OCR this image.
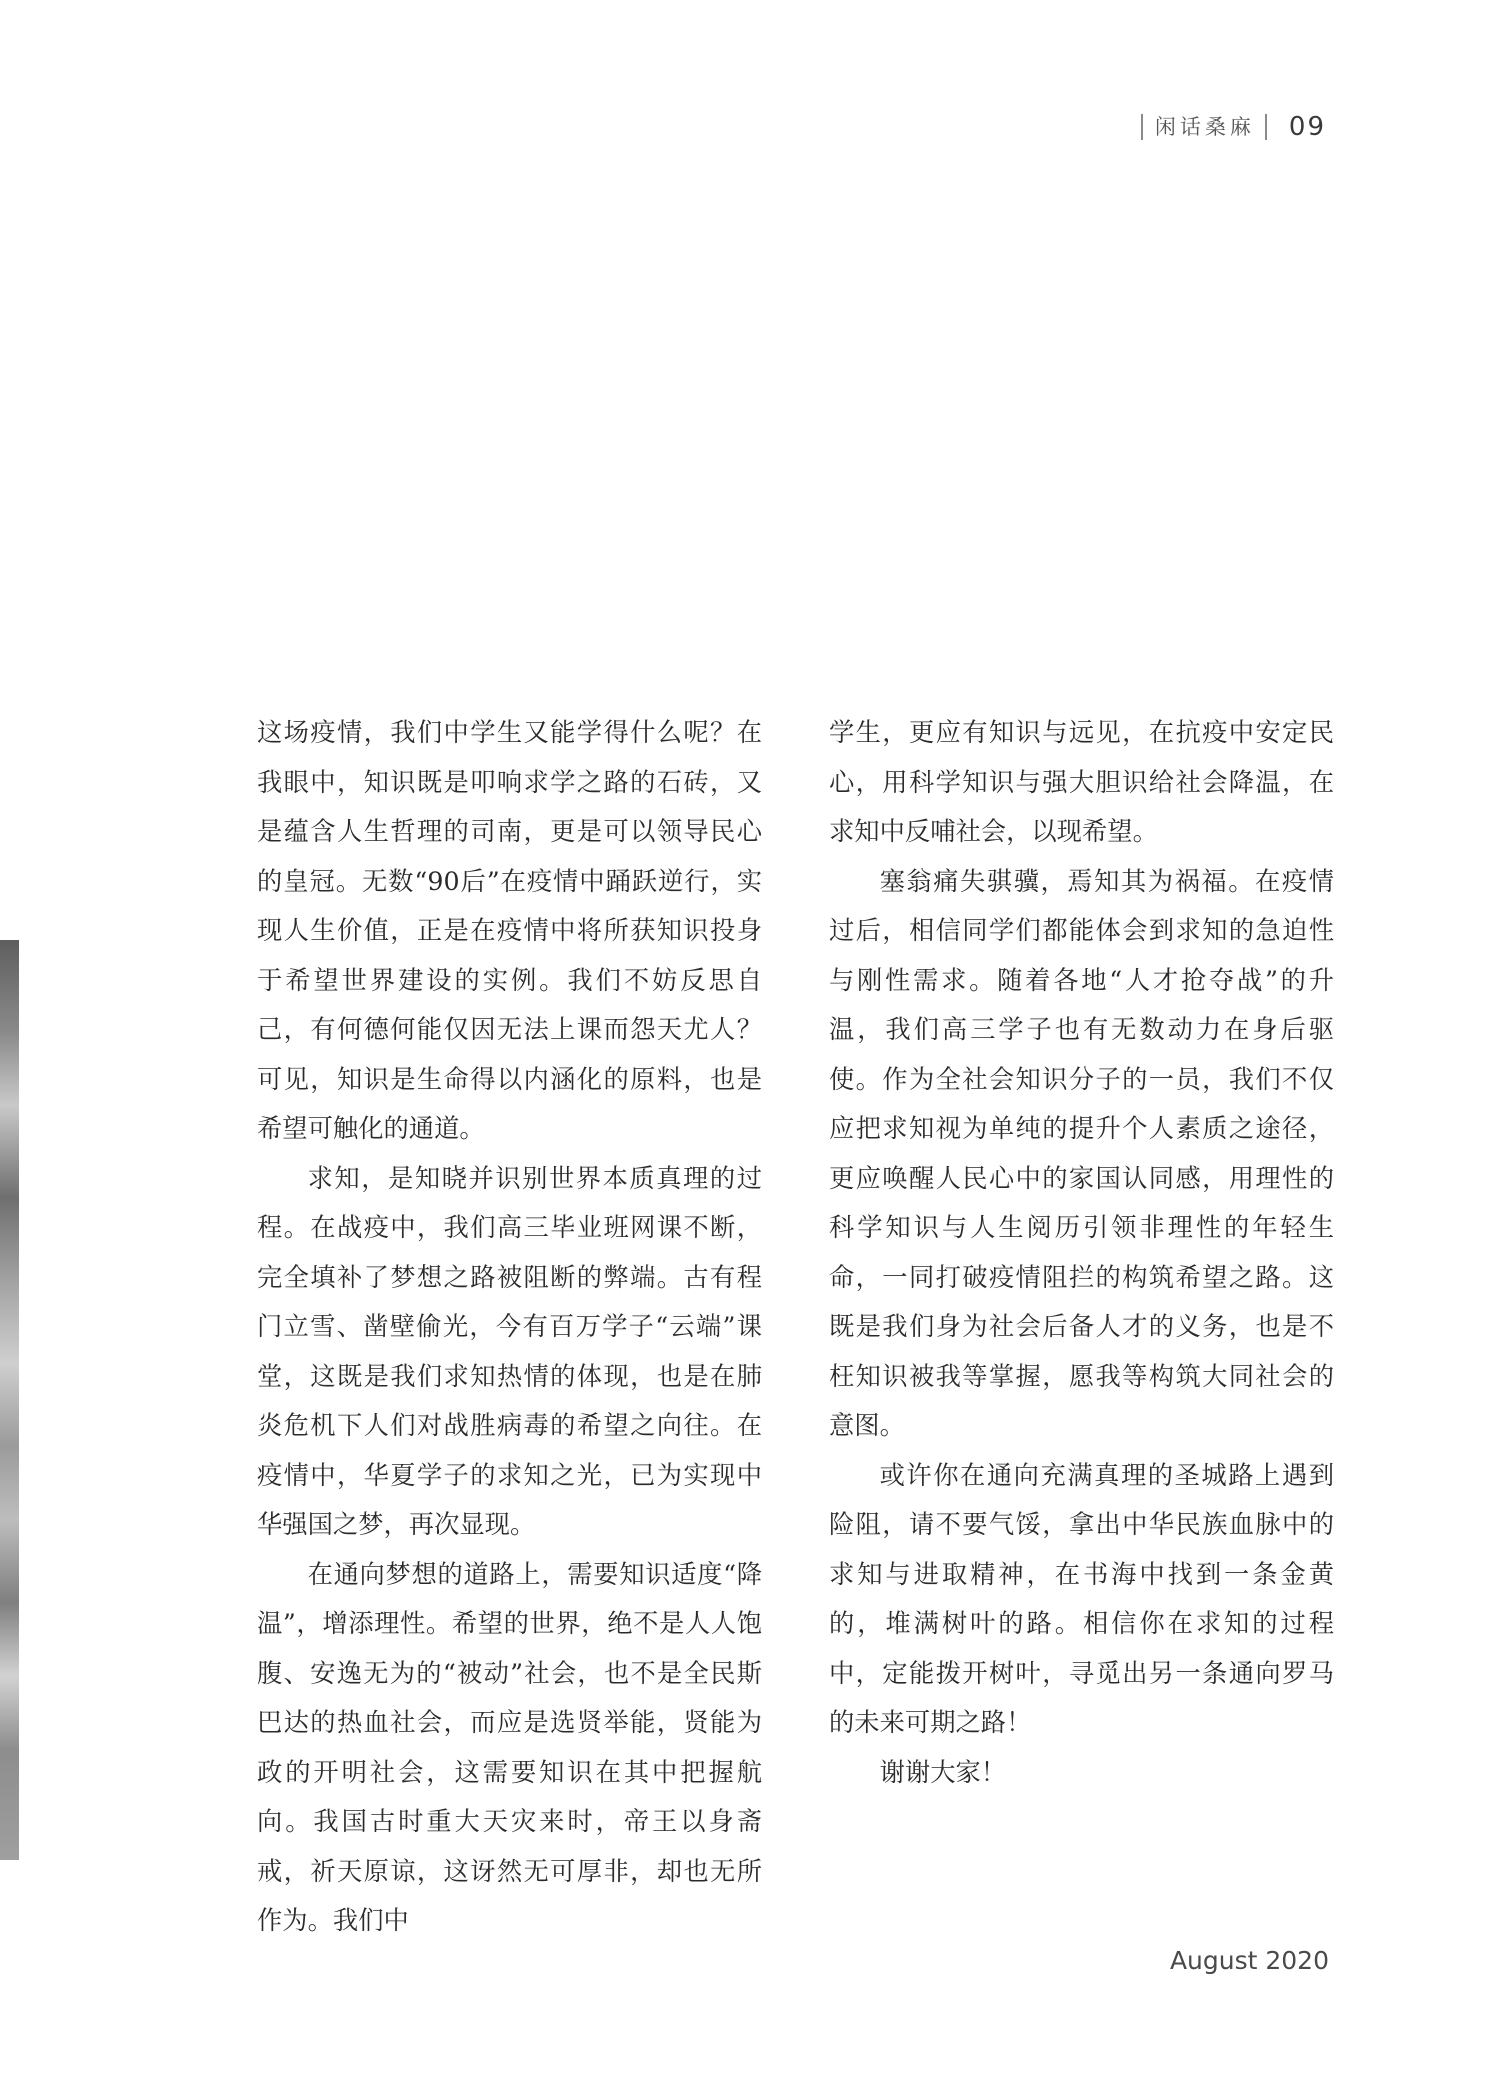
闲话桑麻	09

这场疫情，我们中学生又能学得什么呢？在我眼中，知识既是叩响求学之路的石砖，又是蕴含人生哲理的司南，更是可以领导民心的皇冠。无数“90后”在疫情中踊跃逆行，实现人生价值，正是在疫情中将所获知识投身于希望世界建设的实例。我们不妨反思自己，有何德何能仅因无法上课而怨天尤人？可见，知识是生命得以内涵化的原料，也是希望可触化的通道。

求知，是知晓并识别世界本质真理的过程。在战疫中，我们高三毕业班网课不断，完全填补了梦想之路被阻断的弊端。古有程门立雪、凿壁偷光，今有百万学子“云端”课堂，这既是我们求知热情的体现，也是在肺炎危机下人们对战胜病毒的希望之向往。在疫情中，华夏学子的求知之光，已为实现中华强国之梦，再次显现。

在通向梦想的道路上，需要知识适度“降温”，增添理性。希望的世界，绝不是人人饱腹、安逸无为的“被动”社会，也不是全民斯巴达的热血社会，而应是选贤举能，贤能为政的开明社会，这需要知识在其中把握航向。我国古时重大天灾来时，帝王以身斋戒，祈天原谅，这讶然无可厚非，却也无所作为。我们中

学生，更应有知识与远见，在抗疫中安定民心，用科学知识与强大胆识给社会降温，在求知中反哺社会，以现希望。

塞翁痛失骐骥，焉知其为祸福。在疫情过后，相信同学们都能体会到求知的急迫性与刚性需求。随着各地“人才抢夺战”的升温，我们高三学子也有无数动力在身后驱使。作为全社会知识分子的一员，我们不仅应把求知视为单纯的提升个人素质之途径，更应唤醒人民心中的家国认同感，用理性的科学知识与人生阅历引领非理性的年轻生命，一同打破疫情阻拦的构筑希望之路。这既是我们身为社会后备人才的义务，也是不枉知识被我等掌握，愿我等构筑大同社会的意图。

或许你在通向充满真理的圣城路上遇到险阻，请不要气馁，拿出中华民族血脉中的求知与进取精神，在书海中找到一条金黄的，堆满树叶的路。相信你在求知的过程中，定能拨开树叶，寻觅出另一条通向罗马的未来可期之路！

谢谢大家！

August 2020
